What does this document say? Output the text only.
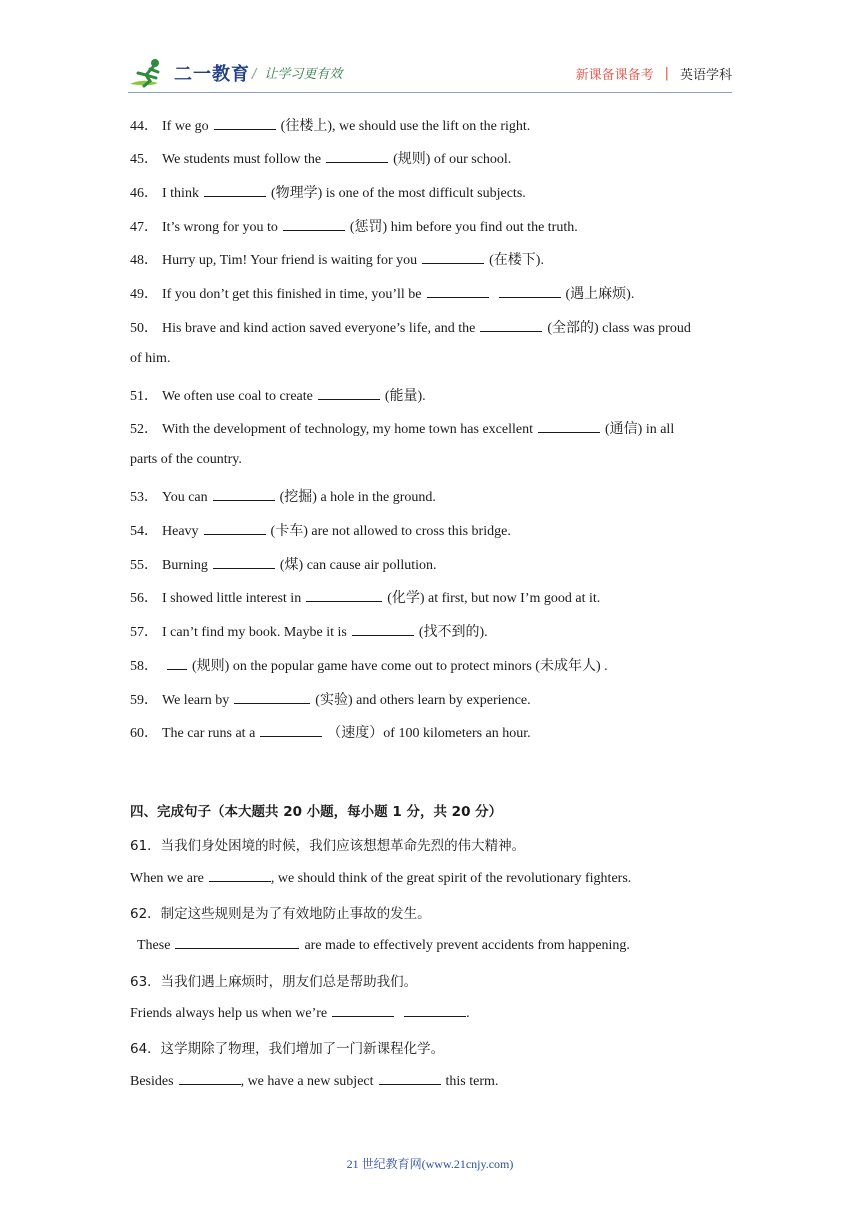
二一教育 / 让学习更有效	新课备课备考 | 英语学科
44． If we go	(往楼上), we should use the lift on the right.
45． We students must follow the	(规则) of our school.
46． I think	(物理学) is one of the most difficult subjects.
47． It’s wrong for you to	(惩罚) him before you find out the truth.
48． Hurry up, Tim! Your friend is waiting for you	(在楼下).
49． If you don’t get this finished in time, you’ll be	(遇上麻烦).
50． His brave and kind action saved everyone’s life, and the	(全部的) class was proud
of him.
51． We often use coal to create	(能量).
52． With the development of technology, my home town has excellent	(通信) in all
parts of the country.
53． You can	(挖掘) a hole in the ground.
54． Heavy	(卡车) are not allowed to cross this bridge.
55． Burning	(煤) can cause air pollution.
56． I showed little interest in	(化学) at first, but now I’m good at it.
57． I can’t find my book. Maybe it is	(找不到的).
58． (规则) on the popular game have come out to protect minors (未成年人) .
59． We learn by	(实验) and others learn by experience.
60． The car runs at a	（速度）of 100 kilometers an hour.
四、完成句子（本大题共 20 小题，每小题 1 分，共 20 分）
61．当我们身处困境的时候，我们应该想想革命先烈的伟大精神。
When we are	, we should think of the great spirit of the revolutionary fighters.
62．制定这些规则是为了有效地防止事故的发生。
These	are made to effectively prevent accidents from happening.
63．当我们遇上麻烦时，朋友们总是帮助我们。
Friends always help us when we’re	.
64．这学期除了物理，我们增加了一门新课程化学。
Besides	, we have a new subject	this term.
21 世纪教育网(www.21cnjy.com)
